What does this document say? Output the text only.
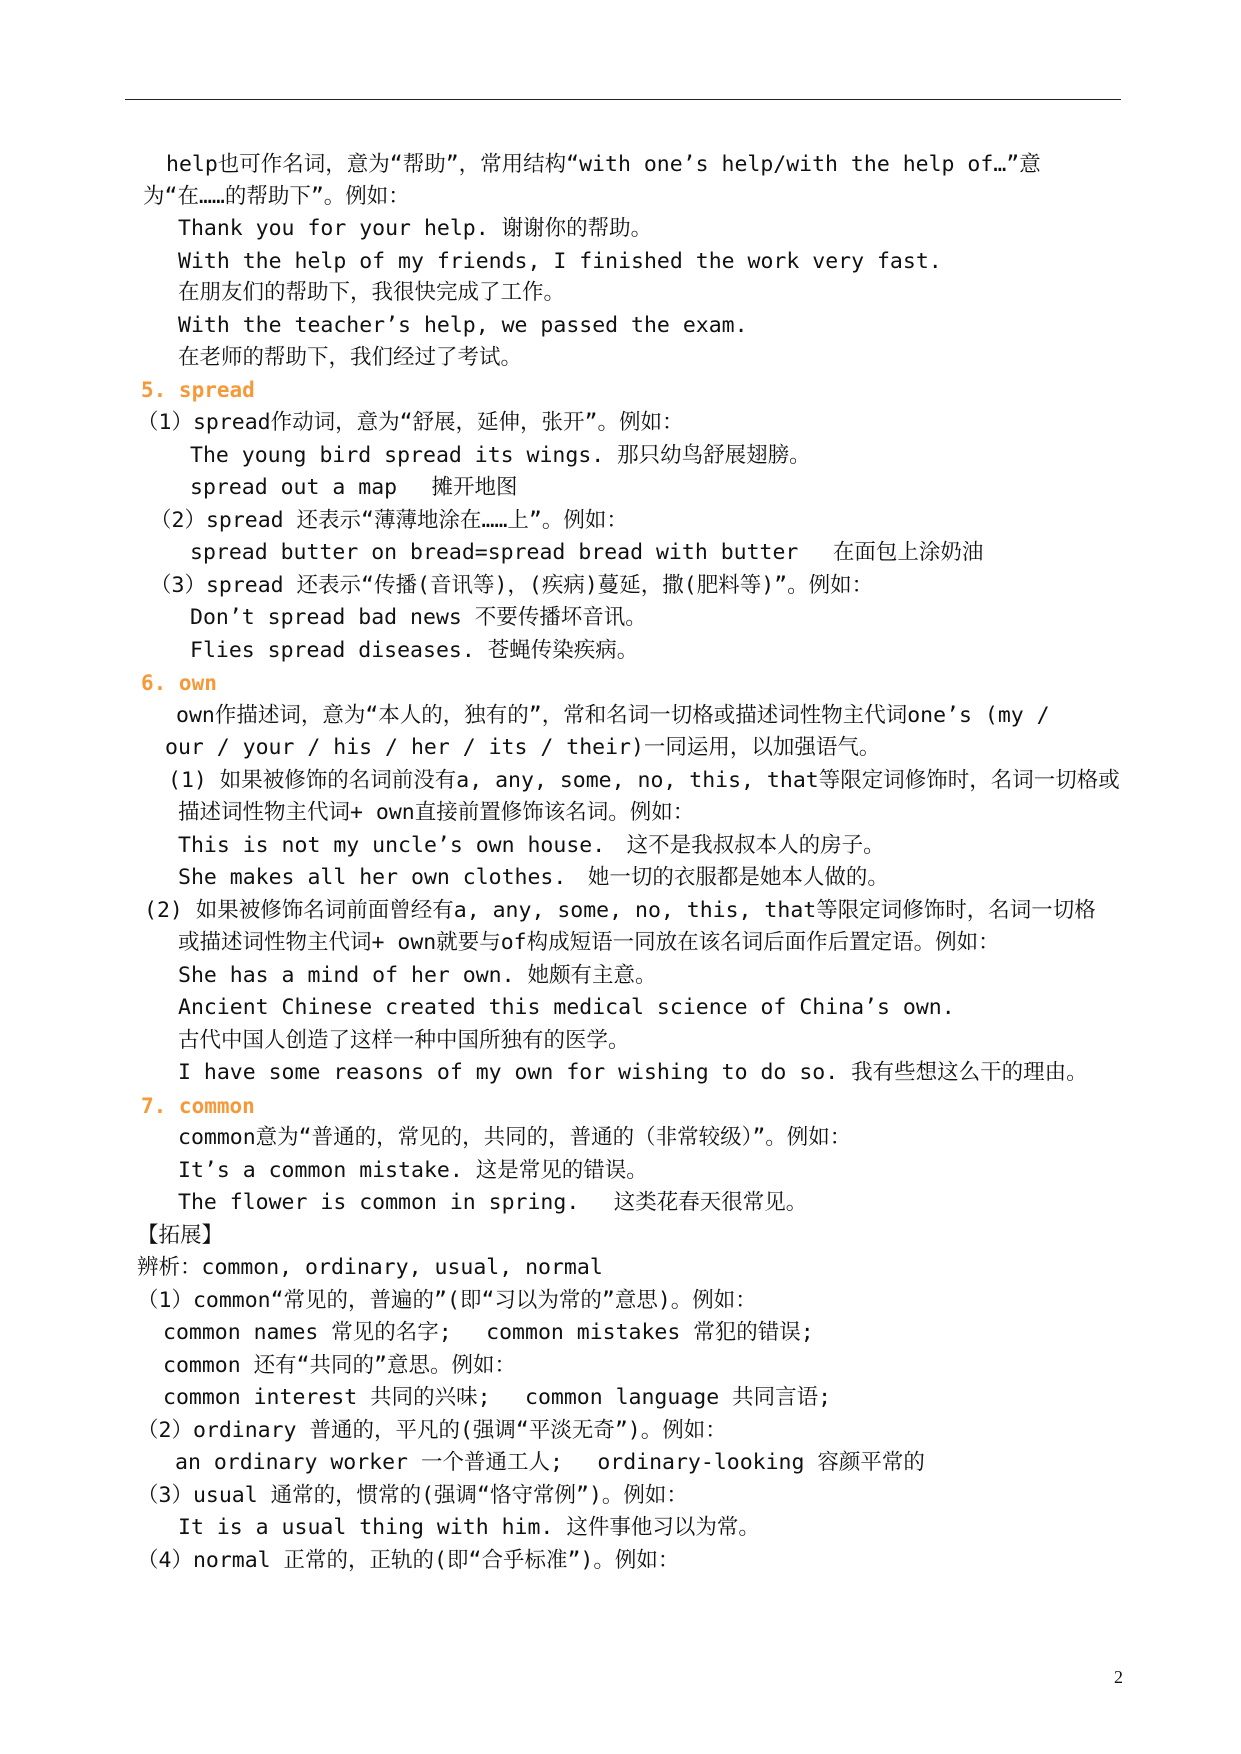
help也可作名词，意为“帮助”，常用结构“with one’s help/with the help of…”意
为“在……的帮助下”。例如：
Thank you for your help. 谢谢你的帮助。
With the help of my friends, I finished the work very fast.
在朋友们的帮助下，我很快完成了工作。
With the teacher’s help, we passed the exam.
在老师的帮助下，我们经过了考试。
5. spread
（1）spread作动词，意为“舒展，延伸，张开”。例如：
The young bird spread its wings. 那只幼鸟舒展翅膀。
spread out a map　 摊开地图
（2）spread 还表示“薄薄地涂在……上”。例如：
spread butter on bread=spread bread with butter　 在面包上涂奶油
（3）spread 还表示“传播(音讯等)，(疾病)蔓延，撒(肥料等)”。例如：
Don’t spread bad news 不要传播坏音讯。
Flies spread diseases. 苍蝇传染疾病。
6. own
own作描述词，意为“本人的，独有的”，常和名词一切格或描述词性物主代词one’s (my /
our / your / his / her / its / their)一同运用，以加强语气。
(1) 如果被修饰的名词前没有a, any, some, no, this, that等限定词修饰时，名词一切格或
描述词性物主代词+ own直接前置修饰该名词。例如：
This is not my uncle’s own house.　这不是我叔叔本人的房子。
She makes all her own clothes.　她一切的衣服都是她本人做的。
(2) 如果被修饰名词前面曾经有a, any, some, no, this, that等限定词修饰时，名词一切格
或描述词性物主代词+ own就要与of构成短语一同放在该名词后面作后置定语。例如：
She has a mind of her own. 她颇有主意。
Ancient Chinese created this medical science of China’s own.
古代中国人创造了这样一种中国所独有的医学。
I have some reasons of my own for wishing to do so. 我有些想这么干的理由。
7. common
common意为“普通的，常见的，共同的，普通的（非常较级）”。例如：
It’s a common mistake. 这是常见的错误。
The flower is common in spring.　 这类花春天很常见。
【拓展】
辨析：common, ordinary, usual, normal
（1）common“常见的，普遍的”(即“习以为常的”意思)。例如：
common names 常见的名字;　 common mistakes 常犯的错误;
common 还有“共同的”意思。例如：
common interest 共同的兴味;　 common language 共同言语;
（2）ordinary 普通的，平凡的(强调“平淡无奇”)。例如：
an ordinary worker 一个普通工人;　 ordinary-looking 容颜平常的
（3）usual 通常的，惯常的(强调“恪守常例”)。例如：
It is a usual thing with him. 这件事他习以为常。
（4）normal 正常的，正轨的(即“合乎标准”)。例如：
2
